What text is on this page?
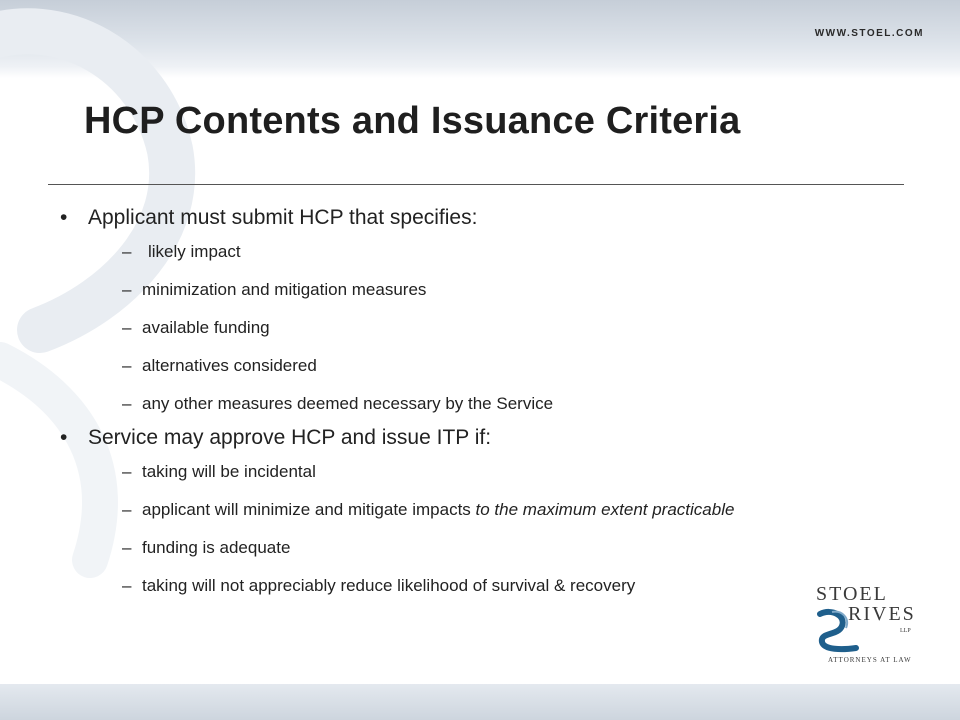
WWW.STOEL.COM
HCP Contents and Issuance Criteria
• Applicant must submit HCP that specifies:
– likely impact
– minimization and mitigation measures
– available funding
– alternatives considered
– any other measures deemed necessary by the Service
• Service may approve HCP and issue ITP if:
– taking will be incidental
– applicant will minimize and mitigate impacts to the maximum extent practicable
– funding is adequate
– taking will not appreciably reduce likelihood of survival & recovery	STOEL
RIVES
LLP
ATTORNEYS AT LAW
